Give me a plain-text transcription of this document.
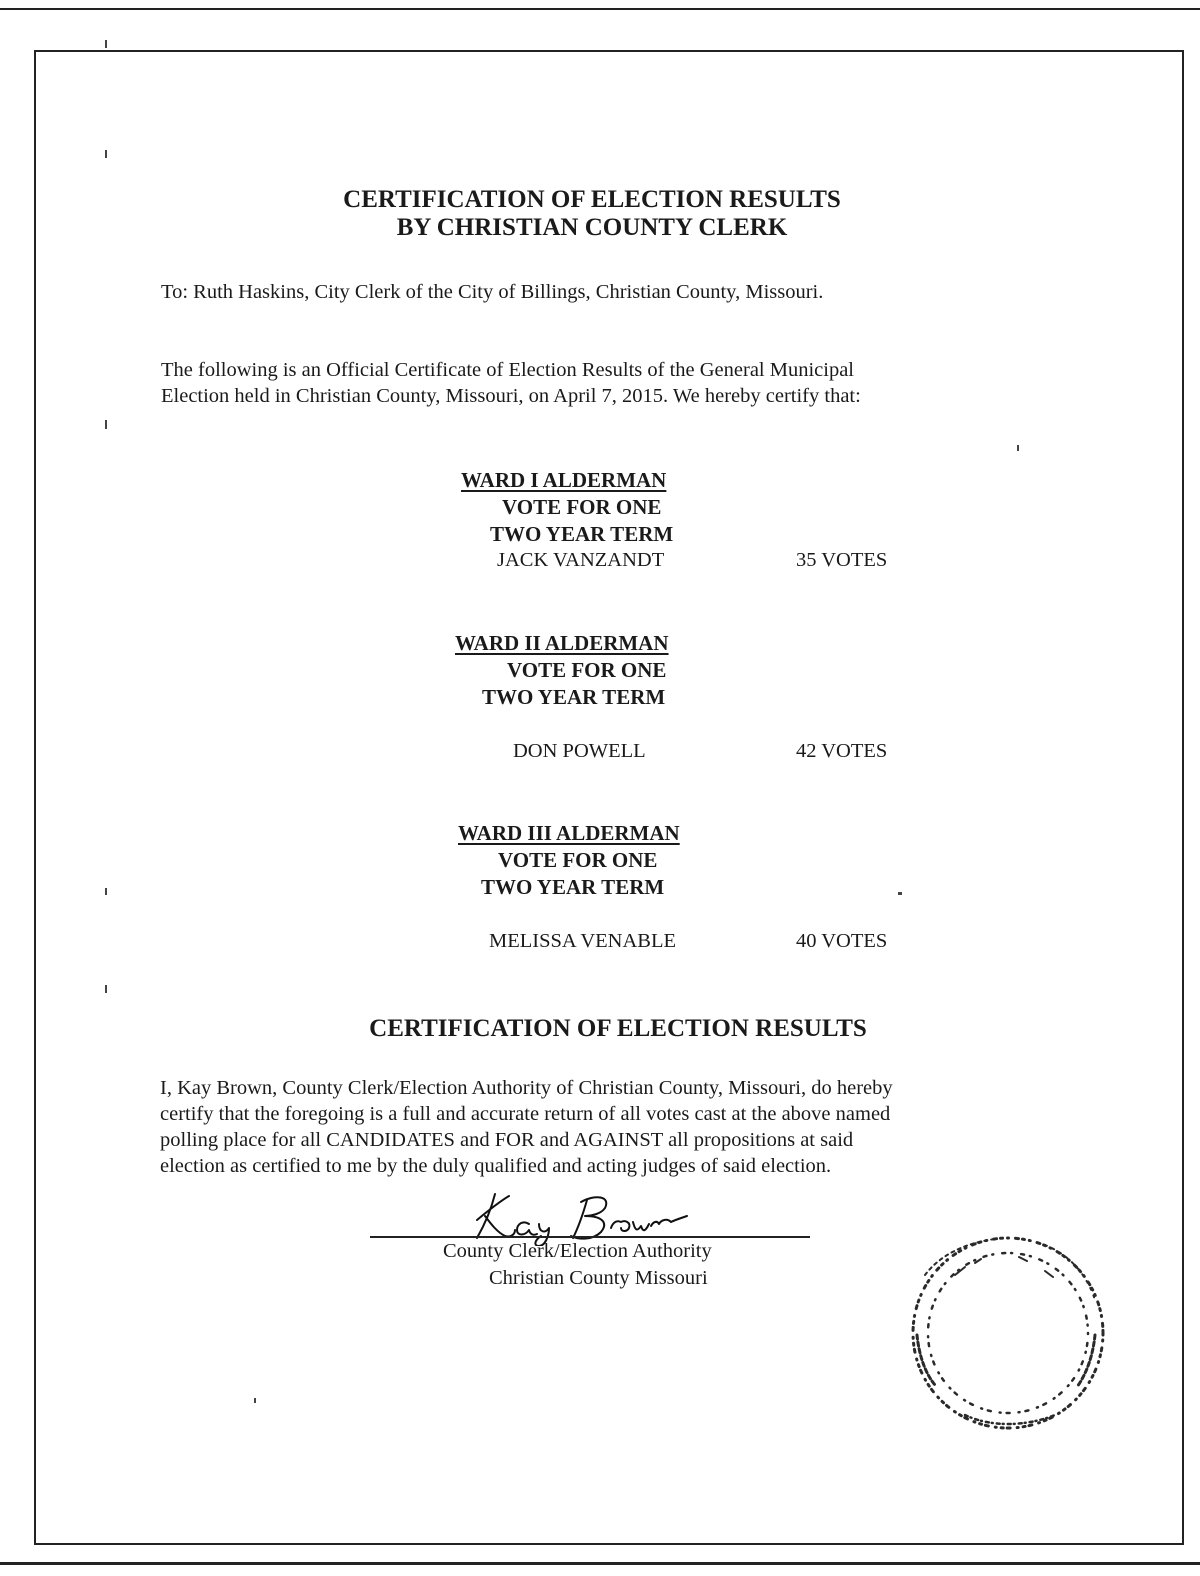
CERTIFICATION OF ELECTION RESULTS
BY CHRISTIAN COUNTY CLERK
To: Ruth Haskins, City Clerk of the City of Billings, Christian County, Missouri.
The following is an Official Certificate of Election Results of the General Municipal
Election held in Christian County, Missouri, on April 7, 2015. We hereby certify that:
WARD I ALDERMAN
VOTE FOR ONE
TWO YEAR TERM
JACK VANZANDT	35 VOTES
WARD II ALDERMAN
VOTE FOR ONE
TWO YEAR TERM
DON POWELL	42 VOTES
WARD III ALDERMAN
VOTE FOR ONE
TWO YEAR TERM
MELISSA VENABLE	40 VOTES
CERTIFICATION OF ELECTION RESULTS
I, Kay Brown, County Clerk/Election Authority of Christian County, Missouri, do hereby
certify that the foregoing is a full and accurate return of all votes cast at the above named
polling place for all CANDIDATES and FOR and AGAINST all propositions at said
election as certified to me by the duly qualified and acting judges of said election.
County Clerk/Election Authority
Christian County Missouri
